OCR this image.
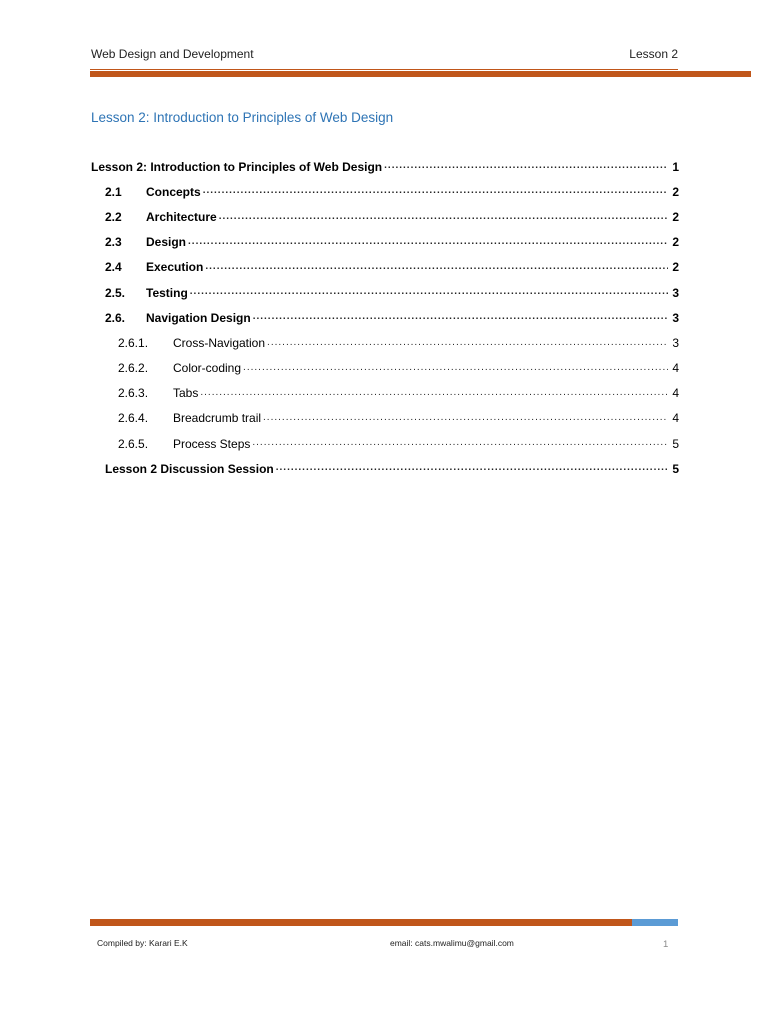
Web Design and Development	Lesson 2
Lesson 2: Introduction to Principles of Web Design
Lesson 2: Introduction to Principles of Web Design .....	1
2.1	Concepts .....	2
2.2	Architecture .....	2
2.3	Design .....	2
2.4	Execution .....	2
2.5.	Testing .....	3
2.6.	Navigation Design .....	3
2.6.1.	Cross-Navigation .....	3
2.6.2.	Color-coding .....	4
2.6.3.	Tabs .....	4
2.6.4.	Breadcrumb trail .....	4
2.6.5.	Process Steps .....	5
Lesson 2 Discussion Session .....	5
Compiled by: Karari E.K	email: cats.mwalimu@gmail.com	1
